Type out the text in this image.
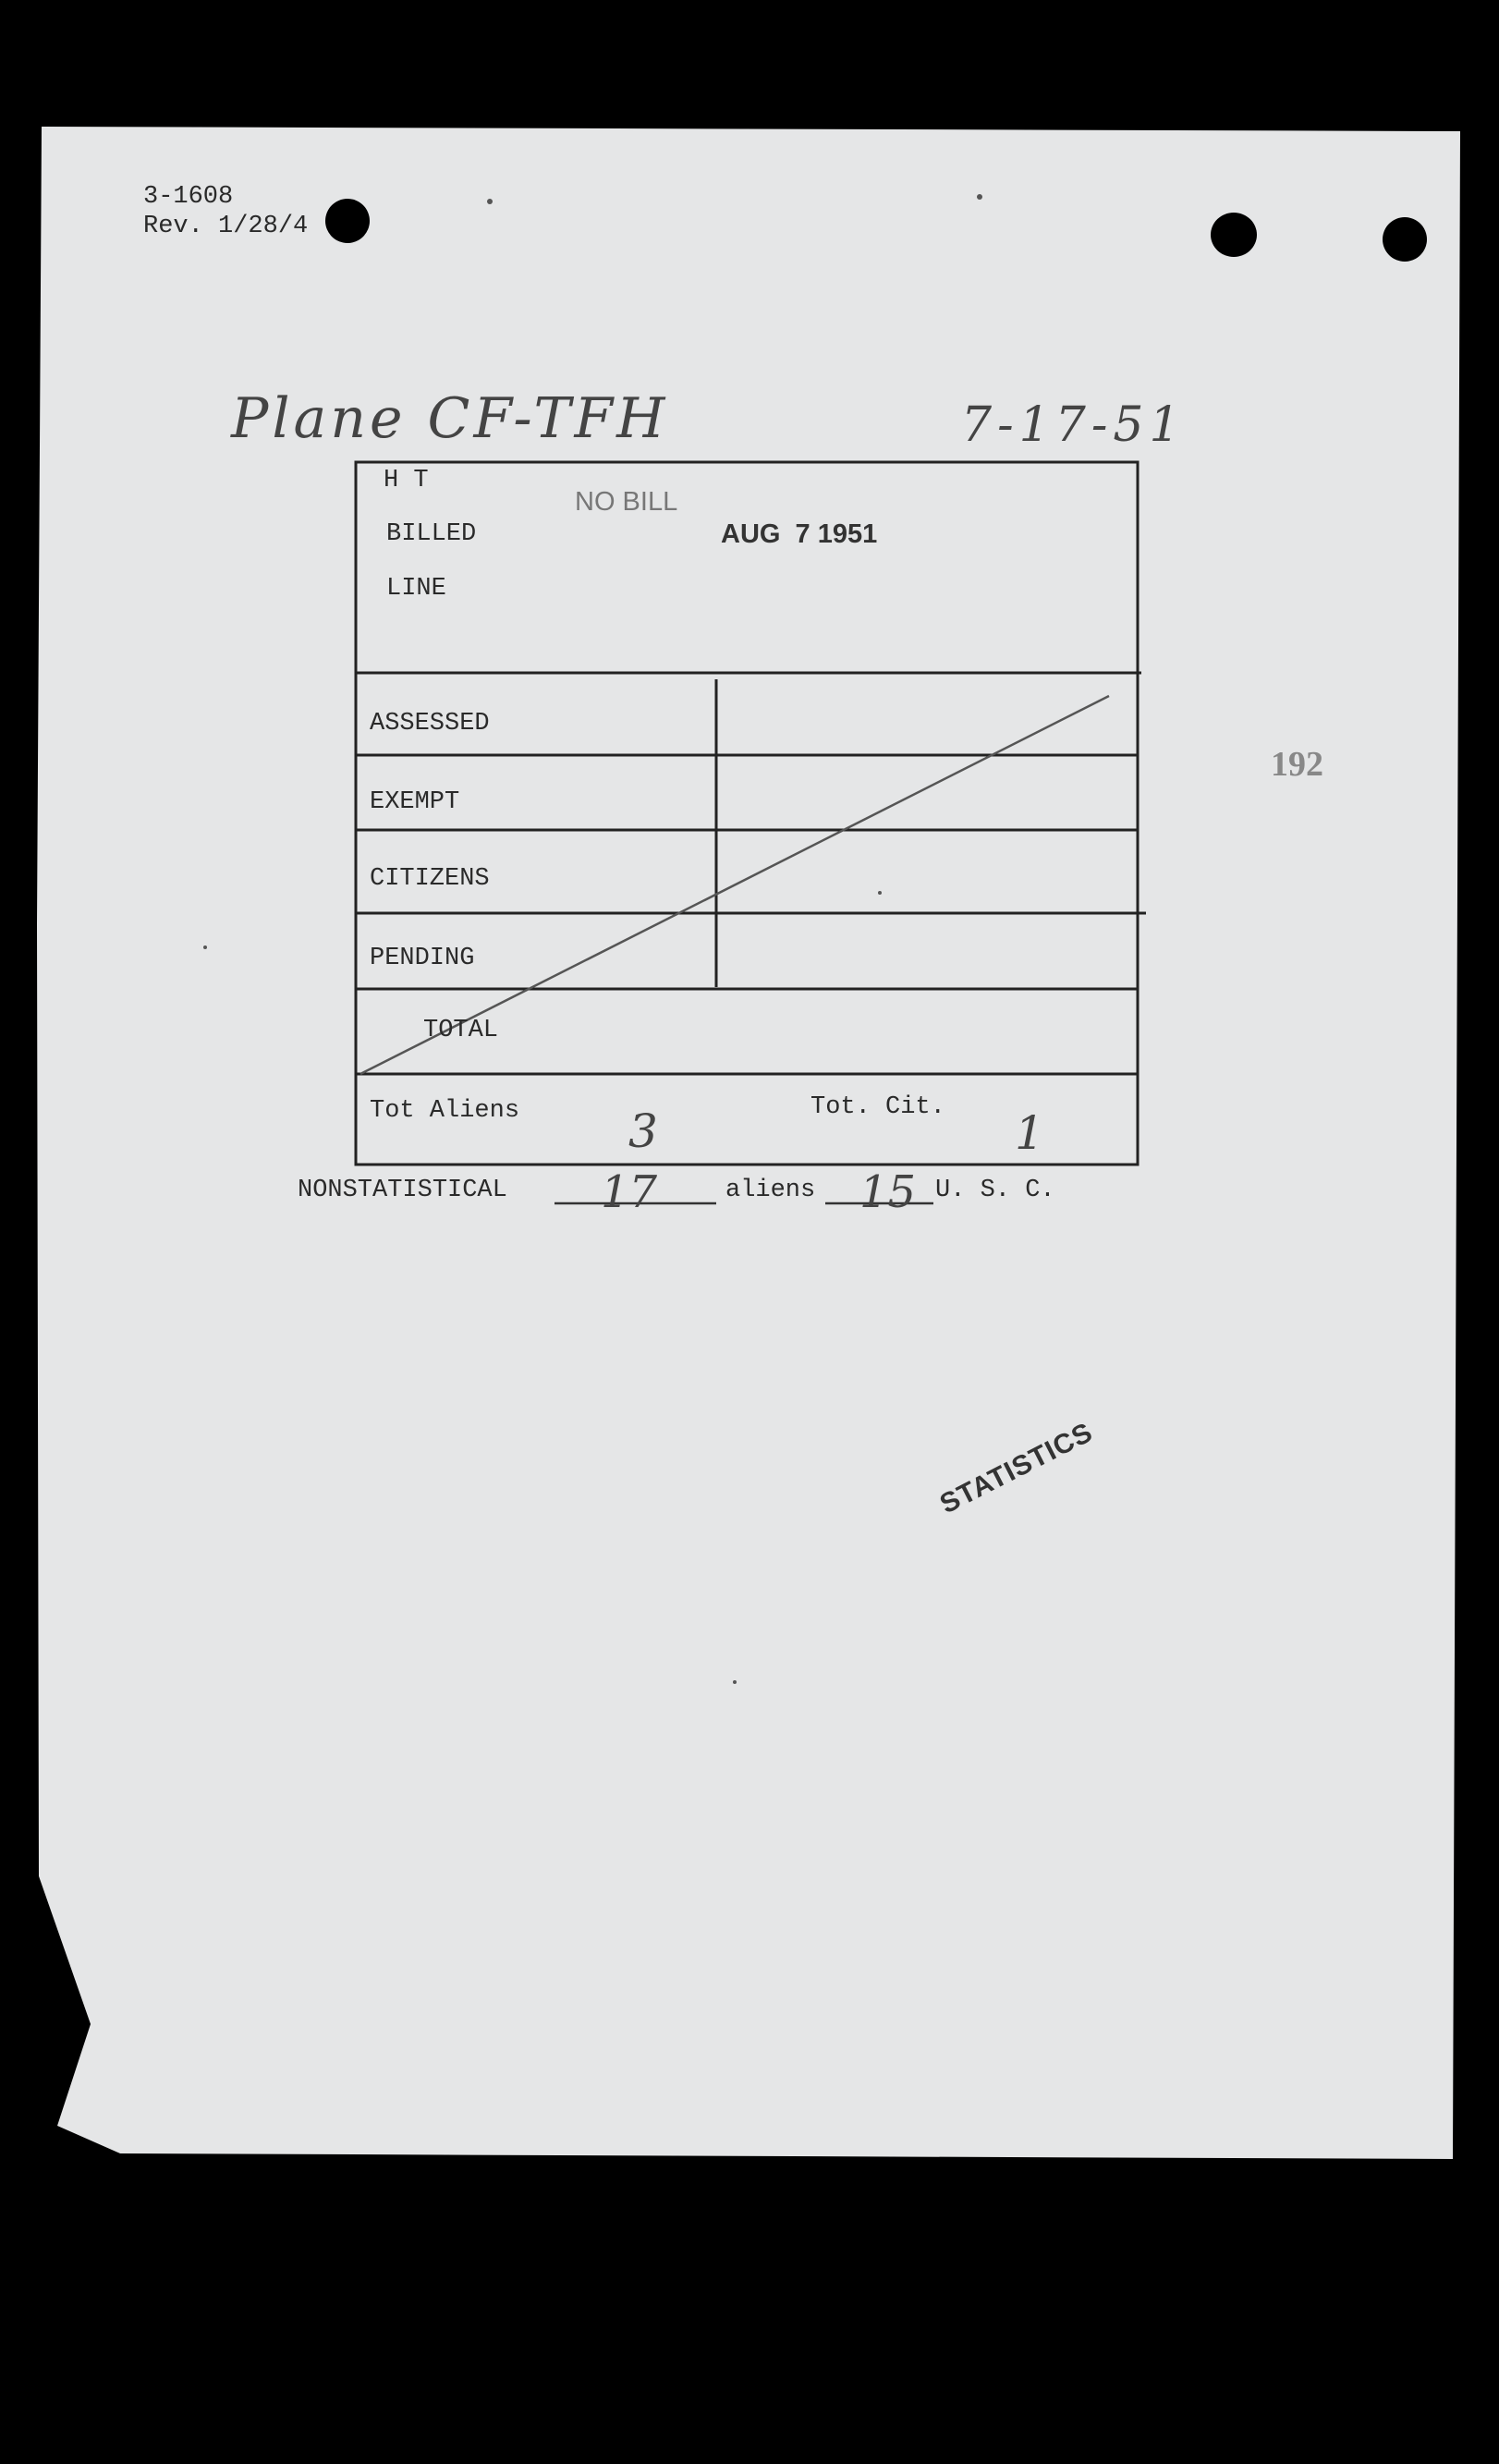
3-1608
Rev. 1/28/4
Plane CF-TFH	7-17-51
192
H T
NO BILL
BILLED	AUG  7 1951
LINE
ASSESSED
EXEMPT
CITIZENS
PENDING
TOTAL
Tot Aliens 3	Tot. Cit. 1
NONSTATISTICAL 17	aliens 15 U. S. C.
STATISTICS
